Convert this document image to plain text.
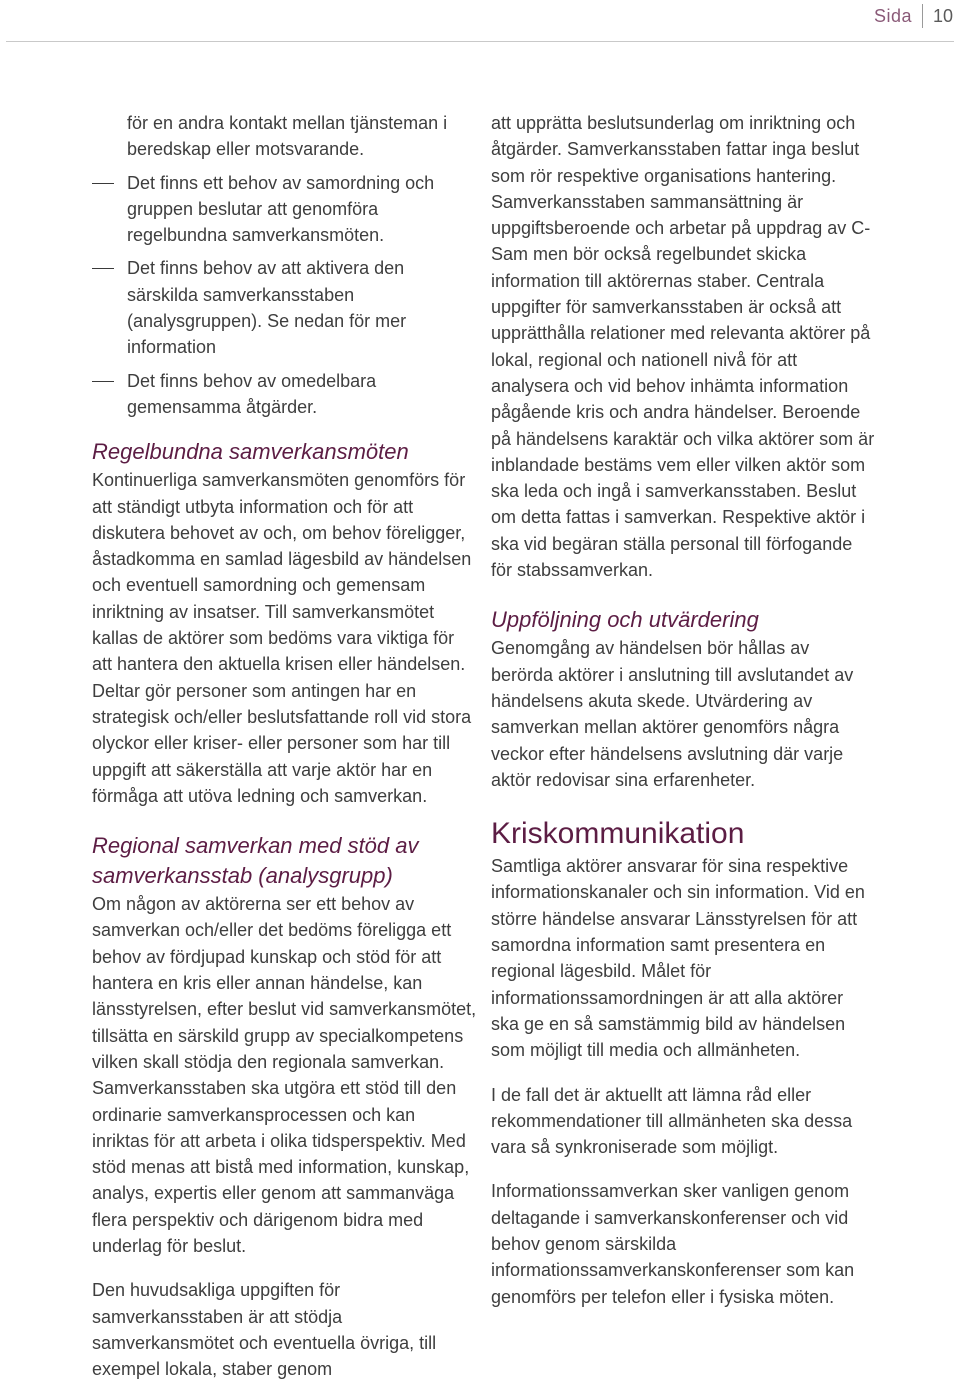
Sida 10
för en andra kontakt mellan tjänsteman i beredskap eller motsvarande.
Det finns ett behov av samordning och gruppen beslutar att genomföra regelbundna samverkansmöten.
Det finns behov av att aktivera den särskilda samverkansstaben (analysgruppen). Se nedan för mer information
Det finns behov av omedelbara gemensamma åtgärder.
Regelbundna samverkansmöten

Kontinuerliga samverkansmöten genomförs för att ständigt utbyta information och för att diskutera behovet av och, om behov föreligger, åstadkomma en samlad lägesbild av händelsen och eventuell samordning och gemensam inriktning av insatser. Till samverkansmötet kallas de aktörer som bedöms vara viktiga för att hantera den aktuella krisen eller händelsen. Deltar gör personer som antingen har en strategisk och/eller beslutsfattande roll vid stora olyckor eller kriser- eller personer som har till uppgift att säkerställa att varje aktör har en förmåga att utöva ledning och samverkan.

Regional samverkan med stöd av samverkansstab (analysgrupp)

Om någon av aktörerna ser ett behov av samverkan och/eller det bedöms föreligga ett behov av fördjupad kunskap och stöd för att hantera en kris eller annan händelse, kan länsstyrelsen, efter beslut vid samverkansmötet, tillsätta en särskild grupp av specialkompetens vilken skall stödja den regionala samverkan. Samverkansstaben ska utgöra ett stöd till den ordinarie samverkansprocessen och kan inriktas för att arbeta i olika tidsperspektiv. Med stöd menas att bistå med information, kunskap, analys, expertis eller genom att sammanväga flera perspektiv och därigenom bidra med underlag för beslut.

Den huvudsakliga uppgiften för samverkansstaben är att stödja samverkansmötet och eventuella övriga, till exempel lokala, staber genom

att upprätta beslutsunderlag om inriktning och åtgärder. Samverkansstaben fattar inga beslut som rör respektive organisations hantering. Samverkansstaben sammansättning är uppgiftsberoende och arbetar på uppdrag av C-Sam men bör också regelbundet skicka information till aktörernas staber. Centrala uppgifter för samverkansstaben är också att upprätthålla relationer med relevanta aktörer på lokal, regional och nationell nivå för att analysera och vid behov inhämta information pågående kris och andra händelser. Beroende på händelsens karaktär och vilka aktörer som är inblandade bestäms vem eller vilken aktör som ska leda och ingå i samverkansstaben. Beslut om detta fattas i samverkan. Respektive aktör i ska vid begäran ställa personal till förfogande för stabssamverkan.

Uppföljning och utvärdering

Genomgång av händelsen bör hållas av berörda aktörer i anslutning till avslutandet av händelsens akuta skede. Utvärdering av samverkan mellan aktörer genomförs några veckor efter händelsens avslutning där varje aktör redovisar sina erfarenheter.

Kriskommunikation

Samtliga aktörer ansvarar för sina respektive informationskanaler och sin information. Vid en större händelse ansvarar Länsstyrelsen för att samordna information samt presentera en regional lägesbild. Målet för informationssamordningen är att alla aktörer ska ge en så samstämmig bild av händelsen som möjligt till media och allmänheten.

I de fall det är aktuellt att lämna råd eller rekommendationer till allmänheten ska dessa vara så synkroniserade som möjligt.

Informationssamverkan sker vanligen genom deltagande i samverkanskonferenser och vid behov genom särskilda informationssamverkanskonferenser som kan genomförs per telefon eller i fysiska möten.
